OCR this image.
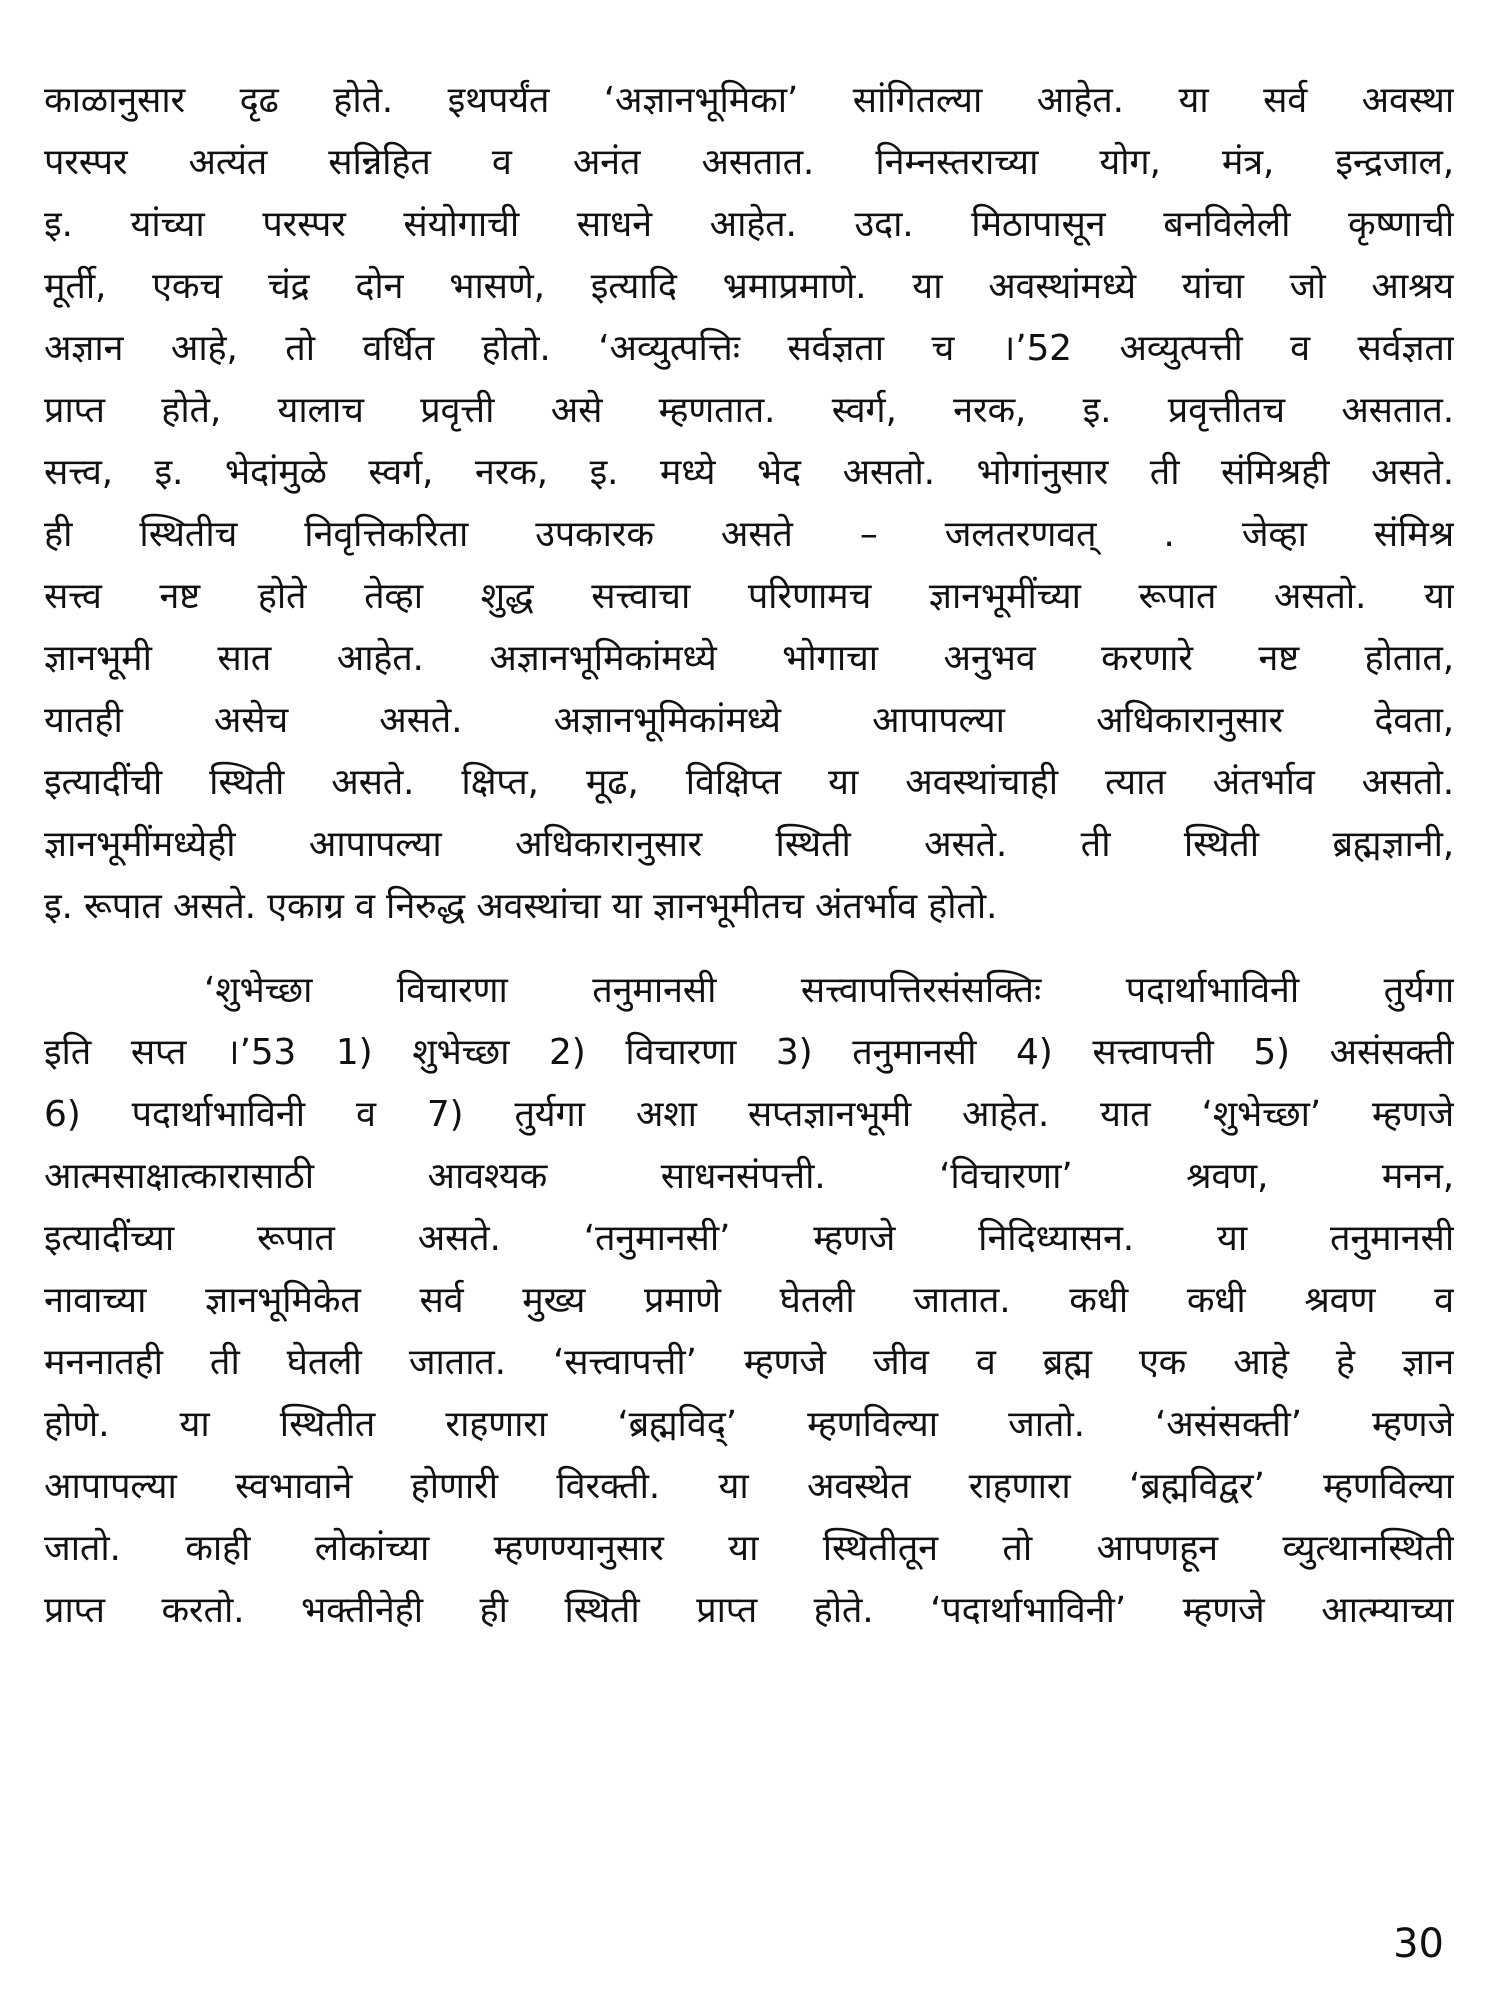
काळानुसार दृढ होते. इथपर्यंत ‘अज्ञानभूमिका’ सांगितल्या आहेत. या सर्व अवस्था
परस्पर अत्यंत सन्निहित व अनंत असतात. निम्नस्तराच्या योग, मंत्र, इन्द्रजाल,
इ. यांच्या परस्पर संयोगाची साधने आहेत. उदा. मिठापासून बनविलेली कृष्णाची
मूर्ती, एकच चंद्र दोन भासणे, इत्यादि भ्रमाप्रमाणे. या अवस्थांमध्ये यांचा जो आश्रय
अज्ञान आहे, तो वर्धित होतो. ‘अव्युत्पत्तिः सर्वज्ञता च ।’52 अव्युत्पत्ती व सर्वज्ञता
प्राप्त होते, यालाच प्रवृत्ती असे म्हणतात. स्वर्ग, नरक, इ. प्रवृत्तीतच असतात.
सत्त्व, इ. भेदांमुळे स्वर्ग, नरक, इ. मध्ये भेद असतो. भोगांनुसार ती संमिश्रही असते.
ही स्थितीच निवृत्तिकरिता उपकारक असते – जलतरणवत् . जेव्हा संमिश्र
सत्त्व नष्ट होते तेव्हा शुद्ध सत्त्वाचा परिणामच ज्ञानभूमींच्या रूपात असतो. या
ज्ञानभूमी सात आहेत. अज्ञानभूमिकांमध्ये भोगाचा अनुभव करणारे नष्ट होतात,
यातही असेच असते. अज्ञानभूमिकांमध्ये आपापल्या अधिकारानुसार देवता,
इत्यादींची स्थिती असते. क्षिप्त, मूढ, विक्षिप्त या अवस्थांचाही त्यात अंतर्भाव असतो.
ज्ञानभूमींमध्येही आपापल्या अधिकारानुसार स्थिती असते. ती स्थिती ब्रह्मज्ञानी,
इ. रूपात असते. एकाग्र व निरुद्ध अवस्थांचा या ज्ञानभूमीतच अंतर्भाव होतो.
‘शुभेच्छा विचारणा तनुमानसी सत्त्वापत्तिरसंसक्तिः पदार्थाभाविनी तुर्यगा
इति सप्त ।’53 1) शुभेच्छा 2) विचारणा 3) तनुमानसी 4) सत्त्वापत्ती 5) असंसक्ती
6) पदार्थाभाविनी व 7) तुर्यगा अशा सप्तज्ञानभूमी आहेत. यात ‘शुभेच्छा’ म्हणजे
आत्मसाक्षात्कारासाठी आवश्यक साधनसंपत्ती. ‘विचारणा’ श्रवण, मनन,
इत्यादींच्या रूपात असते. ‘तनुमानसी’ म्हणजे निदिध्यासन. या तनुमानसी
नावाच्या ज्ञानभूमिकेत सर्व मुख्य प्रमाणे घेतली जातात. कधी कधी श्रवण व
मननातही ती घेतली जातात. ‘सत्त्वापत्ती’ म्हणजे जीव व ब्रह्म एक आहे हे ज्ञान
होणे. या स्थितीत राहणारा ‘ब्रह्मविद्’ म्हणविल्या जातो. ‘असंसक्ती’ म्हणजे
आपापल्या स्वभावाने होणारी विरक्ती. या अवस्थेत राहणारा ‘ब्रह्मविद्वर’ म्हणविल्या
जातो. काही लोकांच्या म्हणण्यानुसार या स्थितीतून तो आपणहून व्युत्थानस्थिती
प्राप्त करतो. भक्तीनेही ही स्थिती प्राप्त होते. ‘पदार्थाभाविनी’ म्हणजे आत्म्याच्या
30
